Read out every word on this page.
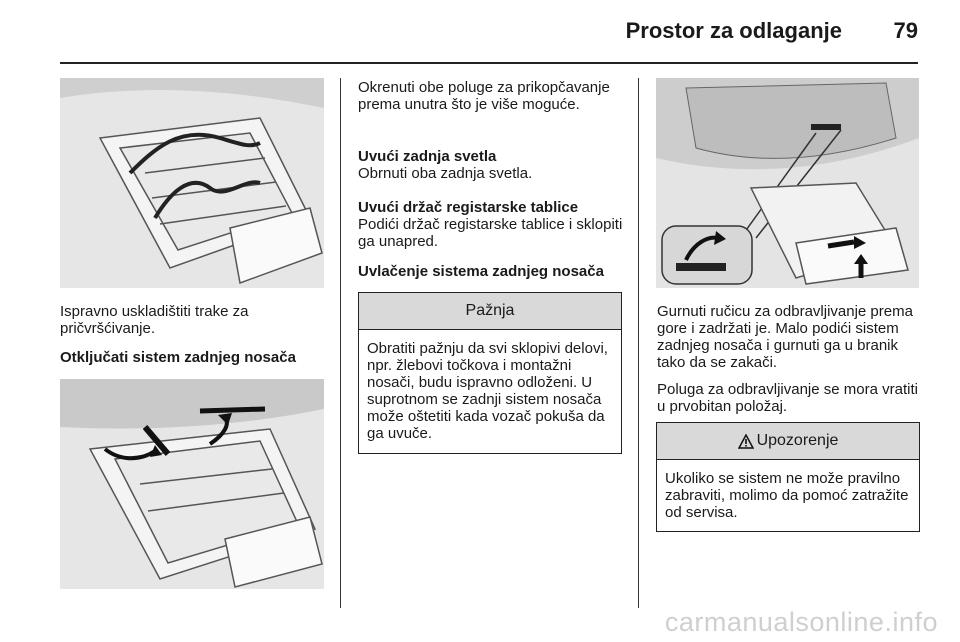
Prostor za odlaganje 79

Ispravno uskladištiti trake za pričvršćivanje.

Otključati sistem zadnjeg nosača

Okrenuti obe poluge za prikopčavanje prema unutra što je više moguće.

Uvući zadnja svetla

Obrnuti oba zadnja svetla.

Uvući držač registarske tablice

Podići držač registarske tablice i sklopiti ga unapred.

Uvlačenje sistema zadnjeg nosača

Pažnja
Obratiti pažnju da svi sklopivi delovi, npr. žlebovi točkova i montažni nosači, budu ispravno odloženi. U suprotnom se zadnji sistem nosača može oštetiti kada vozač pokuša da ga uvuče.

Gurnuti ručicu za odbravljivanje prema gore i zadržati je. Malo podići sistem zadnjeg nosača i gurnuti ga u branik tako da se zakači.

Poluga za odbravljivanje se mora vratiti u prvobitan položaj.

Upozorenje
Ukoliko se sistem ne može pravilno zabraviti, molimo da pomoć zatražite od servisa.
carmanualsonline.info
